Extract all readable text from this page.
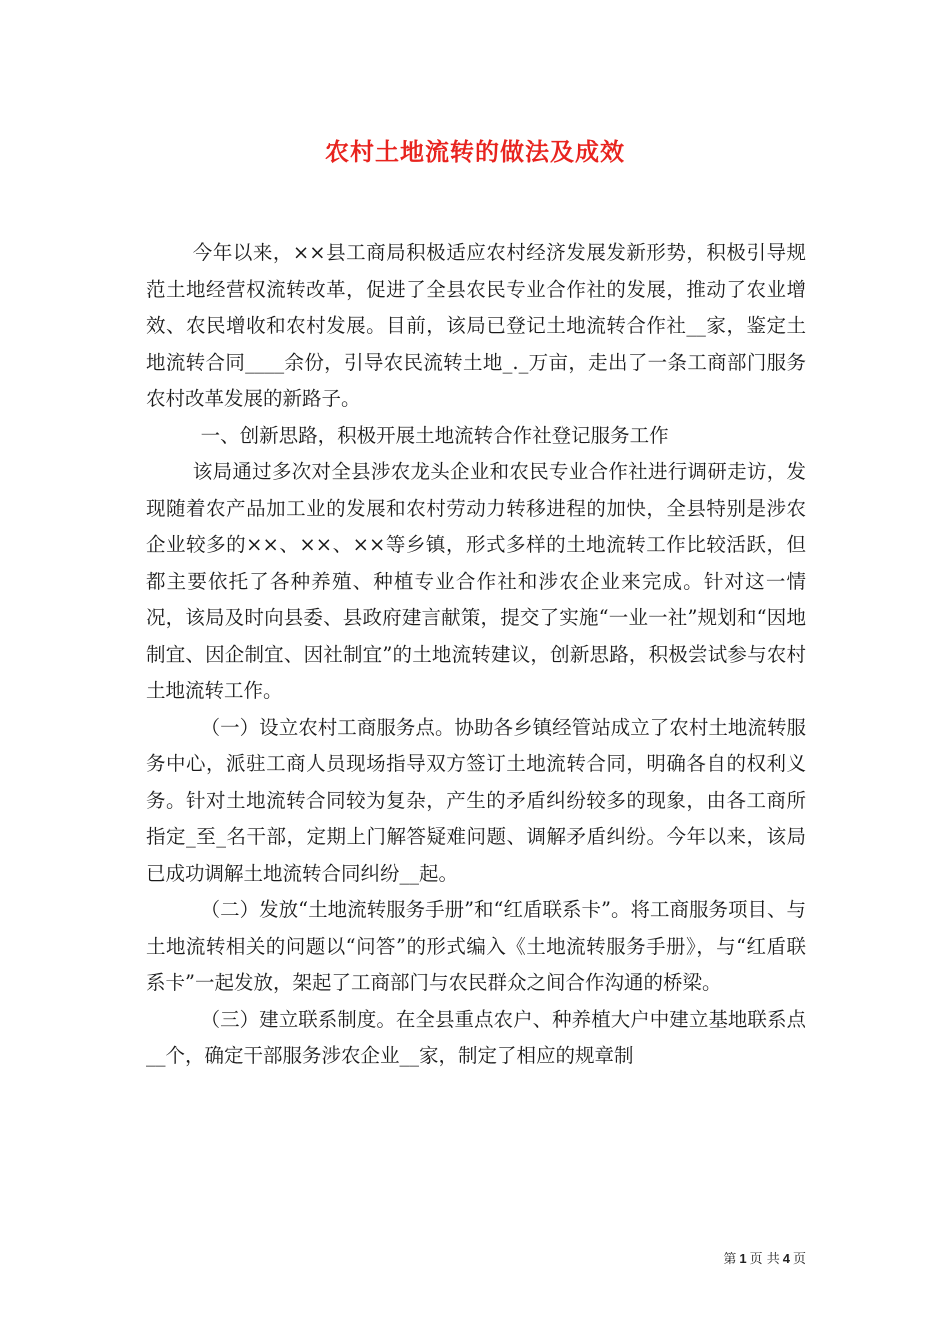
农村土地流转的做法及成效

今年以来，××县工商局积极适应农村经济发展发新形势，积极引导规范土地经营权流转改革，促进了全县农民专业合作社的发展，推动了农业增效、农民增收和农村发展。目前，该局已登记土地流转合作社__家，鉴定土地流转合同____余份，引导农民流转土地_._万亩，走出了一条工商部门服务农村改革发展的新路子。

一、创新思路，积极开展土地流转合作社登记服务工作

该局通过多次对全县涉农龙头企业和农民专业合作社进行调研走访，发现随着农产品加工业的发展和农村劳动力转移进程的加快，全县特别是涉农企业较多的××、××、××等乡镇，形式多样的土地流转工作比较活跃，但都主要依托了各种养殖、种植专业合作社和涉农企业来完成。针对这一情况，该局及时向县委、县政府建言献策，提交了实施“一业一社”规划和“因地制宜、因企制宜、因社制宜”的土地流转建议，创新思路，积极尝试参与农村土地流转工作。

（一）设立农村工商服务点。协助各乡镇经管站成立了农村土地流转服务中心，派驻工商人员现场指导双方签订土地流转合同，明确各自的权利义务。针对土地流转合同较为复杂，产生的矛盾纠纷较多的现象，由各工商所指定_至_名干部，定期上门解答疑难问题、调解矛盾纠纷。今年以来，该局已成功调解土地流转合同纠纷__起。

（二）发放“土地流转服务手册”和“红盾联系卡”。将工商服务项目、与土地流转相关的问题以“问答”的形式编入《土地流转服务手册》，与“红盾联系卡”一起发放，架起了工商部门与农民群众之间合作沟通的桥梁。

（三）建立联系制度。在全县重点农户、种养植大户中建立基地联系点__个，确定干部服务涉农企业__家，制定了相应的规章制

第 1 页 共 4 页
